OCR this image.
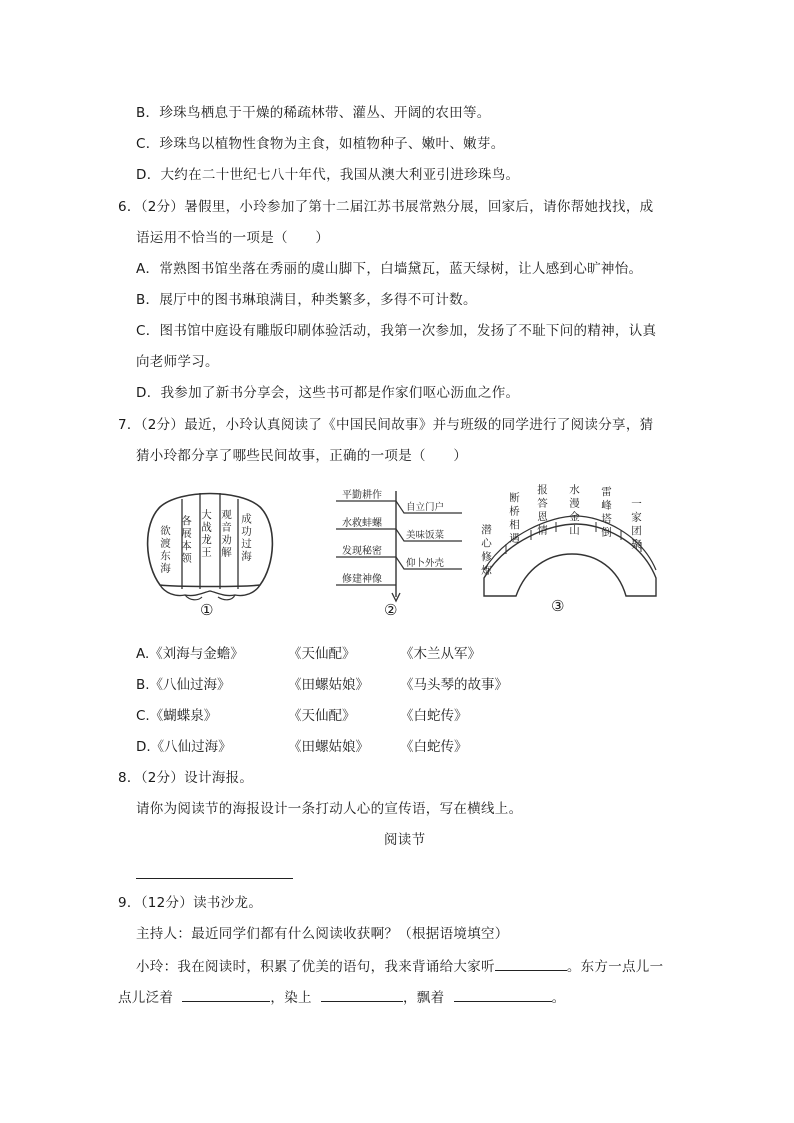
B．珍珠鸟栖息于干燥的稀疏林带、灌丛、开阔的农田等。
C．珍珠鸟以植物性食物为主食，如植物种子、嫩叶、嫩芽。
D．大约在二十世纪七八十年代，我国从澳大利亚引进珍珠鸟。
6．（2分）暑假里，小玲参加了第十二届江苏书展常熟分展，回家后，请你帮她找找，成
语运用不恰当的一项是（　　）
A．常熟图书馆坐落在秀丽的虞山脚下，白墙黛瓦，蓝天绿树，让人感到心旷神怡。
B．展厅中的图书琳琅满目，种类繁多，多得不可计数。
C．图书馆中庭设有雕版印刷体验活动，我第一次参加，发扬了不耻下问的精神，认真
向老师学习。
D．我参加了新书分享会，这些书可都是作家们呕心沥血之作。
7．（2分）最近，小玲认真阅读了《中国民间故事》并与班级的同学进行了阅读分享，猜
猜小玲都分享了哪些民间故事，正确的一项是（　　）
欲渡东海 各展本领 大战龙王 观音劝解 成功过海
①
平勤耕作
水救蚌螺
发现秘密
修建神像
自立门户
美味饭菜
仰卜外壳
②
潜心修炼
断桥相遇 报答恩情 水漫金山 雷峰塔倒 一家团聚
③
A.《刘海与金蟾》	《天仙配》	《木兰从军》
B.《八仙过海》	《田螺姑娘》 《马头琴的故事》
C.《蝴蝶泉》	《天仙配》	《白蛇传》
D.《八仙过海》	《田螺姑娘》 《白蛇传》
8．（2分）设计海报。
请你为阅读节的海报设计一条打动人心的宣传语，写在横线上。
阅读节
9．（12分）读书沙龙。
主持人：最近同学们都有什么阅读收获啊？（根据语境填空）
小玲：我在阅读时，积累了优美的语句，我来背诵给大家听	。东方一点儿一
点儿泛着	，染上	，飘着	。
